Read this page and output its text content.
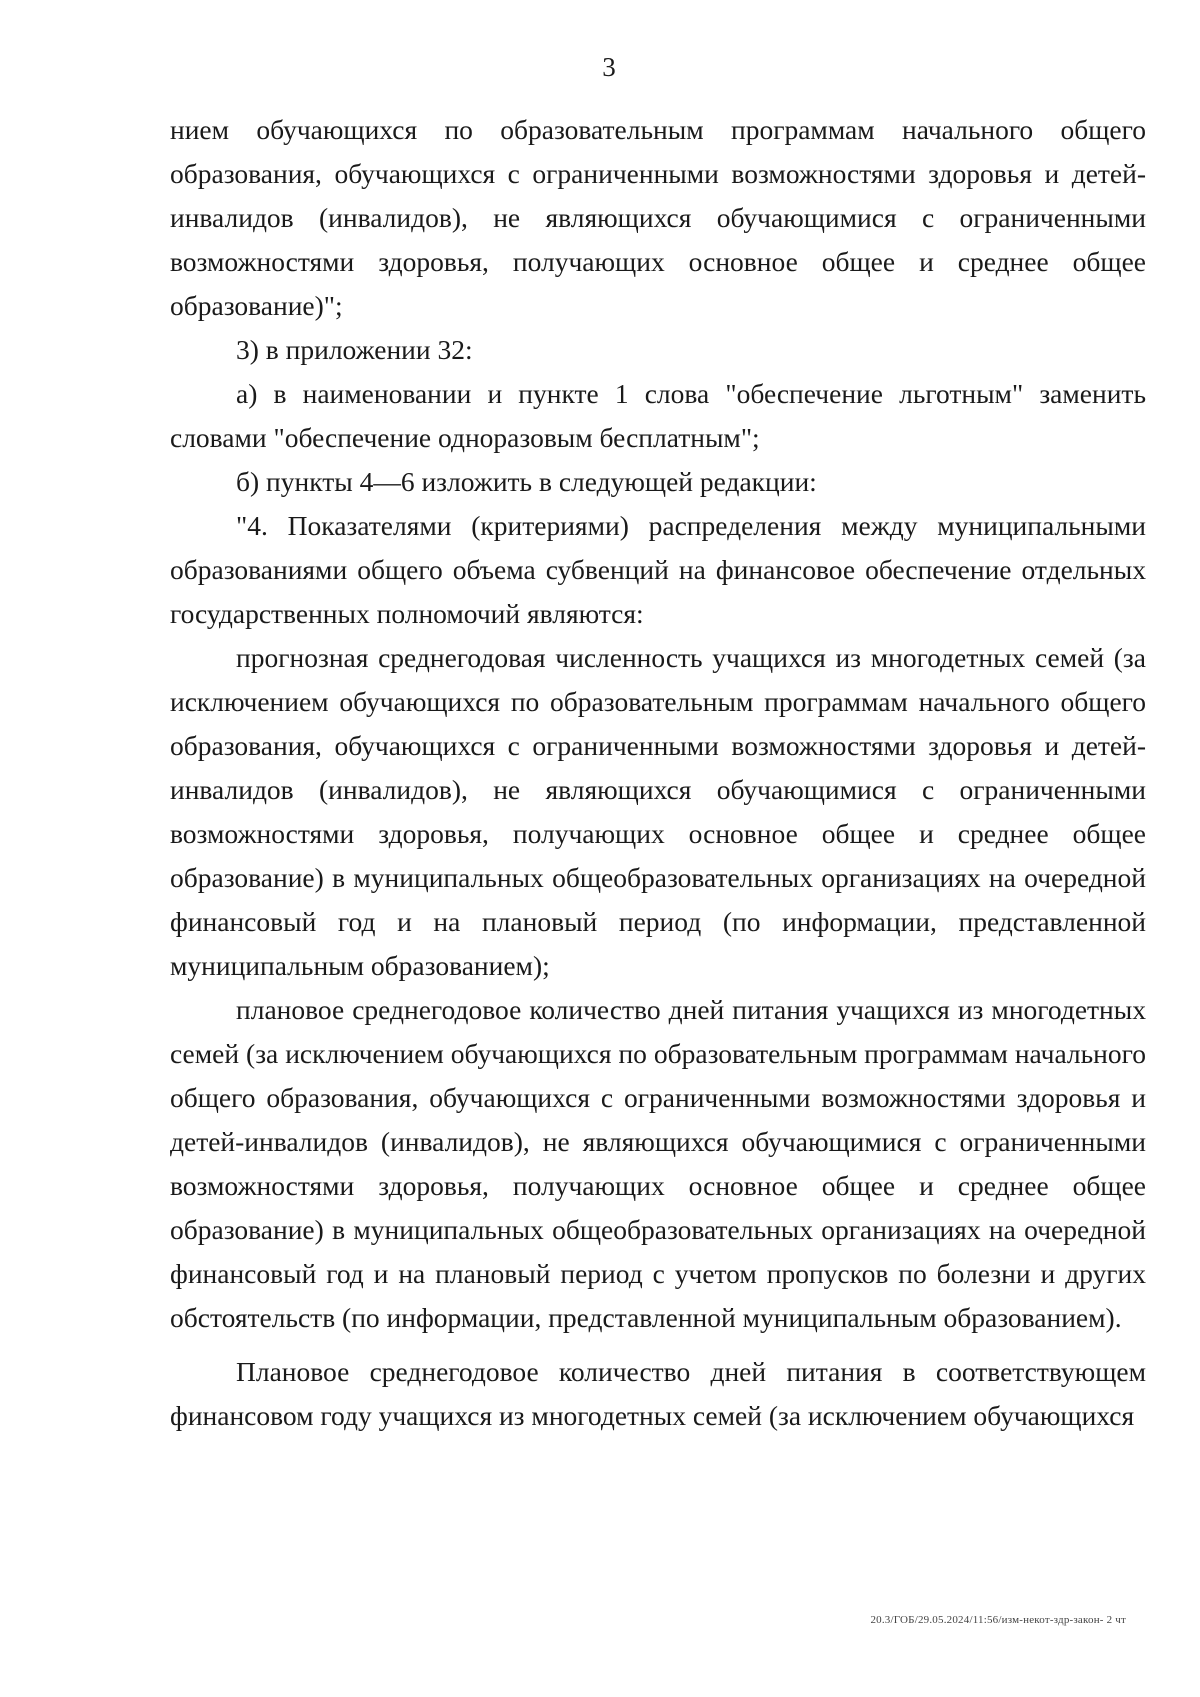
3

нием обучающихся по образовательным программам начального общего образования, обучающихся с ограниченными возможностями здоровья и детей-инвалидов (инвалидов), не являющихся обучающимися с ограниченными возможностями здоровья, получающих основное общее и среднее общее образование)";

3) в приложении 32:

а) в наименовании и пункте 1 слова "обеспечение льготным" заменить словами "обеспечение одноразовым бесплатным";

б) пункты 4—6 изложить в следующей редакции:

"4. Показателями (критериями) распределения между муниципальными образованиями общего объема субвенций на финансовое обеспечение отдельных государственных полномочий являются:

прогнозная среднегодовая численность учащихся из многодетных семей (за исключением обучающихся по образовательным программам начального общего образования, обучающихся с ограниченными возможностями здоровья и детей-инвалидов (инвалидов), не являющихся обучающимися с ограниченными возможностями здоровья, получающих основное общее и среднее общее образование) в муниципальных общеобразовательных организациях на очередной финансовый год и на плановый период (по информации, представленной муниципальным образованием);

плановое среднегодовое количество дней питания учащихся из многодетных семей (за исключением обучающихся по образовательным программам начального общего образования, обучающихся с ограниченными возможностями здоровья и детей-инвалидов (инвалидов), не являющихся обучающимися с ограниченными возможностями здоровья, получающих основное общее и среднее общее образование) в муниципальных общеобразовательных организациях на очередной финансовый год и на плановый период с учетом пропусков по болезни и других обстоятельств (по информации, представленной муниципальным образованием).

Плановое среднегодовое количество дней питания в соответствующем финансовом году учащихся из многодетных семей (за исключением обучающихся

20.3/ГОБ/29.05.2024/11:56/изм-некот-здр-закон- 2 чт
